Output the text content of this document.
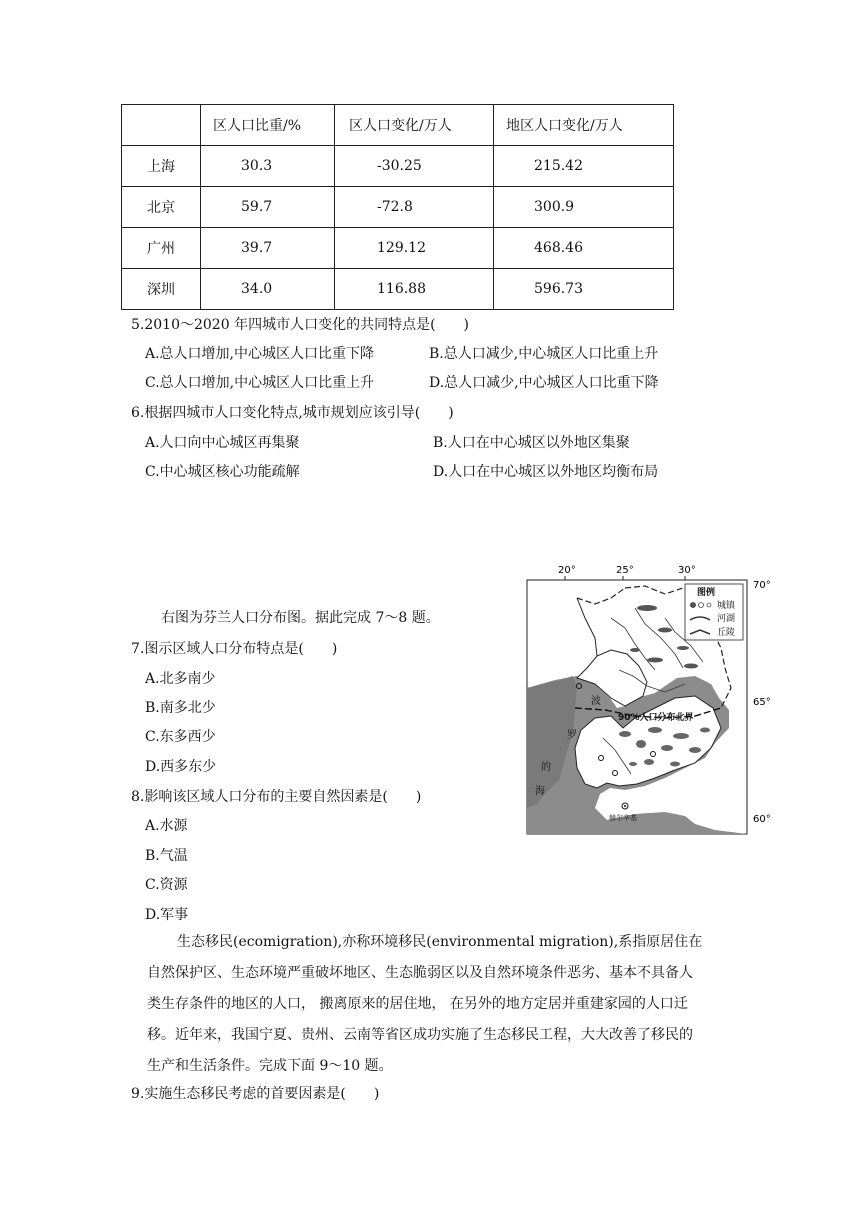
	区人口比重/%	区人口变化/万人	地区人口变化/万人
上海	30.3	-30.25	215.42
北京	59.7	-72.8	300.9
广州	39.7	129.12	468.46
深圳	34.0	116.88	596.73
5.2010～2020 年四城市人口变化的共同特点是(　　)
A.总人口增加,中心城区人口比重下降	B.总人口减少,中心城区人口比重上升
C.总人口增加,中心城区人口比重上升	D.总人口减少,中心城区人口比重下降
6.根据四城市人口变化特点,城市规划应该引导(　　)
A.人口向中心城区再集聚	B.人口在中心城区以外地区集聚
C.中心城区核心功能疏解	D.人口在中心城区以外地区均衡布局
右图为芬兰人口分布图。据此完成 7～8 题。
7.图示区域人口分布特点是(　　)
A.北多南少
B.南多北少
C.东多西少
D.西多东少
8.影响该区域人口分布的主要自然因素是(　　)
A.水源
B.气温
C.资源
D.军事
生态移民(ecomigration),亦称环境移民(environmental migration),系指原居住在
自然保护区、生态环境严重破坏地区、生态脆弱区以及自然环境条件恶劣、基本不具备人
类生存条件的地区的人口， 搬离原来的居住地， 在另外的地方定居并重建家园的人口迁
移。近年来，我国宁夏、贵州、云南等省区成功实施了生态移民工程，大大改善了移民的
生产和生活条件。完成下面 9～10 题。
9.实施生态移民考虑的首要因素是(　　)
20°	25°	30°
70°
65°
60°
90%人口分布北界
波
罗
的
海
赫尔辛基
图例
城镇
河湖
丘陵
